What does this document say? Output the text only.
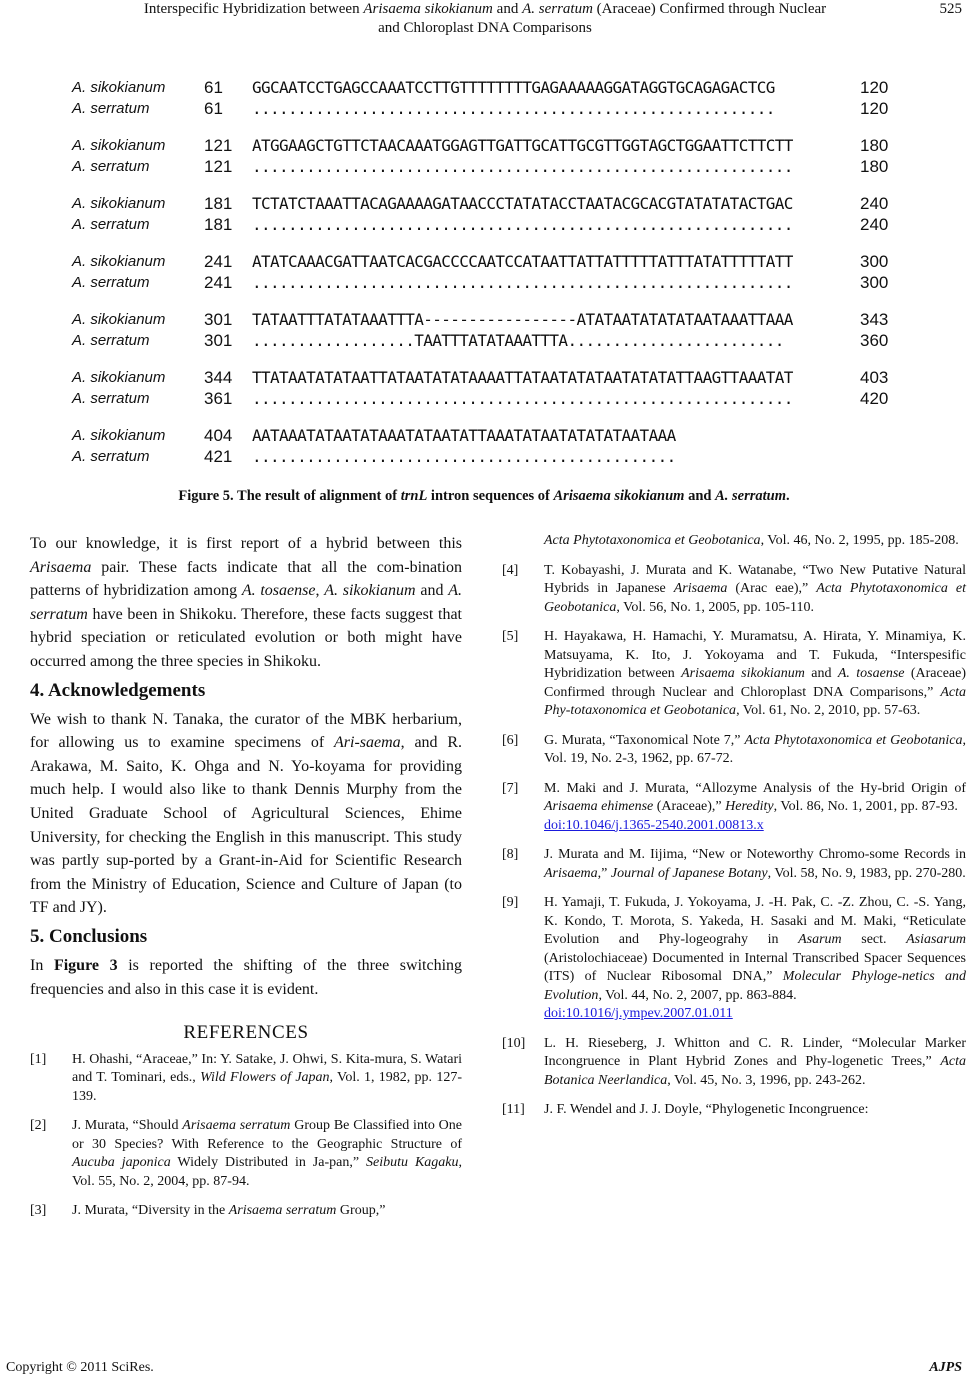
Interspecific Hybridization between Arisaema sikokianum and A. serratum (Araceae) Confirmed through Nuclear
and Chloroplast DNA Comparisons
525
A. sikokianum	61	GGCAATCCTGAGCCAAATCCTTGTTTTTTTTGAGAAAAAGGATAGGTGCAGAGACTCG	120
A. serratum	61	..........................................................	120
A. sikokianum	121 ATGGAAGCTGTTCTAACAAATGGAGTTGATTGCATTGCGTTGGTAGCTGGAATTCTTCTT	180
A. serratum	121 ............................................................	180
A. sikokianum	181 TCTATCTAAATTACAGAAAAGATAACCCTATATACCTAATACGCACGTATATATACTGAC	240
A. serratum	181 ............................................................	240
A. sikokianum	241 ATATCAAACGATTAATCACGACCCCAATCCATAATTATTATTTTTATTTATATTTTTATT	300
A. serratum	241 ............................................................	300
A. sikokianum	301 TATAATTTATATAAATTTA-----------------ATATAATATATATAATAAATTAAA	343
A. serratum	301 ..................TAATTTATATAAATTTA........................	360
A. sikokianum	344 TTATAATATATAATTATAATATATAAAATTATAATATATAATATATATTAAGTTAAATAT	403
A. serratum	361 ............................................................	420
A. sikokianum	404 AATAAATATAATATAAATATAATATTAAATATAATATATATAATAAA
A. serratum	421 ...............................................
Figure 5. The result of alignment of trnL intron sequences of Arisaema sikokianum and A. serratum.

To our knowledge, it is first report of a hybrid between this Arisaema pair. These facts indicate that all the com-bination patterns of hybridization among A. tosaense, A. sikokianum and A. serratum have been in Shikoku. Therefore, these facts suggest that hybrid speciation or reticulated evolution or both might have occurred among the three species in Shikoku.

4. Acknowledgements

We wish to thank N. Tanaka, the curator of the MBK herbarium, for allowing us to examine specimens of Ari-saema, and R. Arakawa, M. Saito, K. Ohga and N. Yo-koyama for providing much help. I would also like to thank Dennis Murphy from the United Graduate School of Agricultural Sciences, Ehime University, for checking the English in this manuscript. This study was partly sup-ported by a Grant-in-Aid for Scientific Research from the Ministry of Education, Science and Culture of Japan (to TF and JY).

5. Conclusions

In Figure 3 is reported the shifting of the three switching frequencies and also in this case it is evident.

REFERENCES
[1]	H. Ohashi, “Araceae,” In: Y. Satake, J. Ohwi, S. Kita-mura, S. Watari and T. Tominari, eds., Wild Flowers of Japan, Vol. 1, 1982, pp. 127-139.
[2]	J. Murata, “Should Arisaema serratum Group Be Classified into One or 30 Species? With Reference to the Geographic Structure of Aucuba japonica Widely Distributed in Ja-pan,” Seibutu Kagaku, Vol. 55, No. 2, 2004, pp. 87-94.
[3]	J. Murata, “Diversity in the Arisaema serratum Group,”
Acta Phytotaxonomica et Geobotanica, Vol. 46, No. 2, 1995, pp. 185-208.
[4]	T. Kobayashi, J. Murata and K. Watanabe, “Two New Putative Natural Hybrids in Japanese Arisaema (Arac eae),” Acta Phytotaxonomica et Geobotanica, Vol. 56, No. 1, 2005, pp. 105-110.
[5]	H. Hayakawa, H. Hamachi, Y. Muramatsu, A. Hirata, Y. Minamiya, K. Matsuyama, K. Ito, J. Yokoyama and T. Fukuda, “Interspesific Hybridization between Arisaema sikokianum and A. tosaense (Araceae) Confirmed through Nuclear and Chloroplast DNA Comparisons,” Acta Phy-totaxonomica et Geobotanica, Vol. 61, No. 2, 2010, pp. 57-63.
[6]	G. Murata, “Taxonomical Note 7,” Acta Phytotaxonomica et Geobotanica, Vol. 19, No. 2-3, 1962, pp. 67-72.
[7]	M. Maki and J. Murata, “Allozyme Analysis of the Hy-brid Origin of Arisaema ehimense (Araceae),” Heredity, Vol. 86, No. 1, 2001, pp. 87-93.
doi:10.1046/j.1365-2540.2001.00813.x
[8]	J. Murata and M. Iijima, “New or Noteworthy Chromo-some Records in Arisaema,” Journal of Japanese Botany, Vol. 58, No. 9, 1983, pp. 270-280.
[9]	H. Yamaji, T. Fukuda, J. Yokoyama, J. -H. Pak, C. -Z. Zhou, C. -S. Yang, K. Kondo, T. Morota, S. Yakeda, H. Sasaki and M. Maki, “Reticulate Evolution and Phy-logeograhy in Asarum sect. Asiasarum (Aristolochiaceae) Documented in Internal Transcribed Spacer Sequences (ITS) of Nuclear Ribosomal DNA,” Molecular Phyloge-netics and Evolution, Vol. 44, No. 2, 2007, pp. 863-884.
doi:10.1016/j.ympev.2007.01.011
[10]	L. H. Rieseberg, J. Whitton and C. R. Linder, “Molecular Marker Incongruence in Plant Hybrid Zones and Phy-logenetic Trees,” Acta Botanica Neerlandica, Vol. 45, No. 3, 1996, pp. 243-262.
[11]	J. F. Wendel and J. J. Doyle, “Phylogenetic Incongruence:
Copyright © 2011 SciRes.	AJPS
